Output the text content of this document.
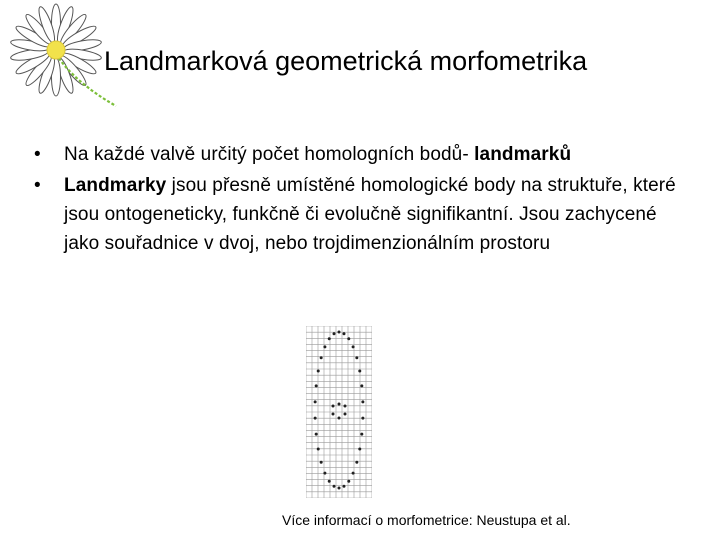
Landmarková geometrická morfometrika
• Na každé valvě určitý počet homologních bodů- landmarků
• Landmarky jsou přesně umístěné homologické body na struktuře, které jsou ontogeneticky, funkčně či evolučně signifikantní. Jsou zachycené jako souřadnice v dvoj, nebo trojdimenzionálním prostoru
Více informací o morfometrice: Neustupa et al.
